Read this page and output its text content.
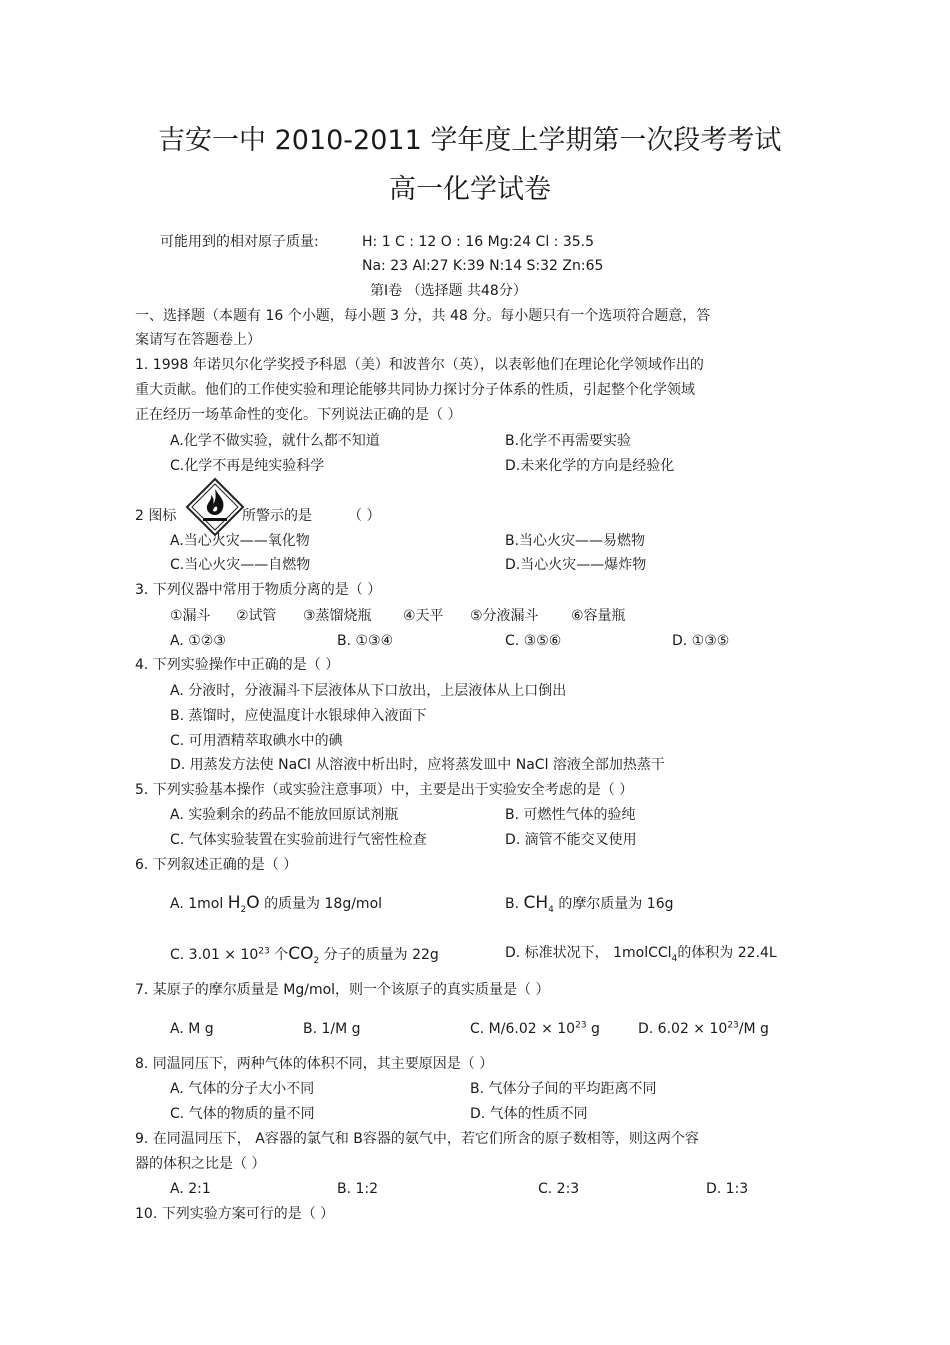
吉安一中 2010-2011 学年度上学期第一次段考考试
高一化学试卷
可能用到的相对原子质量:	H: 1 C : 12 O : 16 Mg:24 Cl : 35.5
Na: 23 Al:27 K:39 N:14 S:32 Zn:65
第Ⅰ卷 （选择题 共48分）
一、选择题（本题有 16 个小题，每小题 3 分，共 48 分。每小题只有一个选项符合题意，答
案请写在答题卷上）
1. 1998 年诺贝尔化学奖授予科恩（美）和波普尔（英），以表彰他们在理论化学领域作出的
重大贡献。他们的工作使实验和理论能够共同协力探讨分子体系的性质，引起整个化学领域
正在经历一场革命性的变化。下列说法正确的是（ ）
A.化学不做实验，就什么都不知道	B.化学不再需要实验
C.化学不再是纯实验科学	D.未来化学的方向是经验化
2 图标	所警示的是	（ ）
A.当心火灾——氧化物	B.当心火灾——易燃物
C.当心火灾——自燃物	D.当心火灾——爆炸物
3. 下列仪器中常用于物质分离的是（ ）
①漏斗 ②试管 ③蒸馏烧瓶 ④天平 ⑤分液漏斗 ⑥容量瓶
A. ①②③	B. ①③④	C. ③⑤⑥	D. ①③⑤
4. 下列实验操作中正确的是（ ）
A. 分液时，分液漏斗下层液体从下口放出，上层液体从上口倒出
B. 蒸馏时，应使温度计水银球伸入液面下
C. 可用酒精萃取碘水中的碘
D. 用蒸发方法使 NaCl 从溶液中析出时，应将蒸发皿中 NaCl 溶液全部加热蒸干
5. 下列实验基本操作（或实验注意事项）中，主要是出于实验安全考虑的是（ ）
A. 实验剩余的药品不能放回原试剂瓶	B. 可燃性气体的验纯
C. 气体实验装置在实验前进行气密性检查	D. 滴管不能交叉使用
6. 下列叙述正确的是（ ）
A. 1mol $H_2O$ 的质量为 18g/mol	B. $CH_4$ 的摩尔质量为 16g
C. $3.01 \times 10^{23}$ 个$CO_2$ 分子的质量为 22g	D. 标准状况下， 1molCCl$_4$的体积为 22.4L
7. 某原子的摩尔质量是 Mg/mol，则一个该原子的真实质量是（ ）
A. M g	B. 1/M g	C. $M/6.02 \times 10^{23}$ g	D. $6.02 \times 10^{23}/M$ g
8. 同温同压下，两种气体的体积不同，其主要原因是（ ）
A. 气体的分子大小不同	B. 气体分子间的平均距离不同
C. 气体的物质的量不同	D. 气体的性质不同
9. 在同温同压下， A容器的氯气和 B容器的氨气中，若它们所含的原子数相等，则这两个容
器的体积之比是（ ）
A. 2:1	B. 1:2	C. 2:3	D. 1:3
10. 下列实验方案可行的是（ ）
